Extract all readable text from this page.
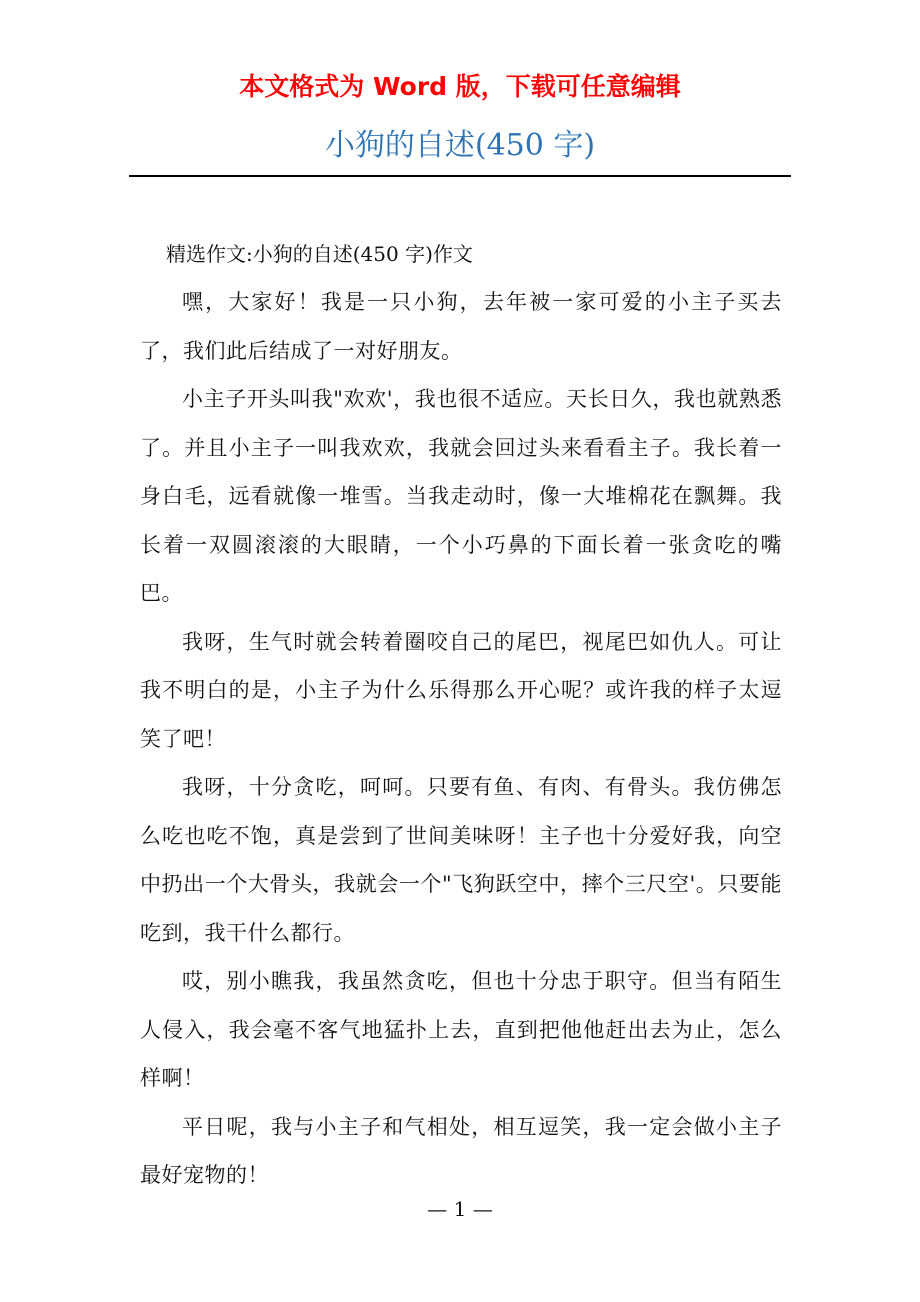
本文格式为 Word 版，下载可任意编辑
小狗的自述(450 字)

精选作文:小狗的自述(450 字)作文

嘿，大家好！我是一只小狗，去年被一家可爱的小主子买去了，我们此后结成了一对好朋友。

小主子开头叫我"欢欢'，我也很不适应。天长日久，我也就熟悉了。并且小主子一叫我欢欢，我就会回过头来看看主子。我长着一身白毛，远看就像一堆雪。当我走动时，像一大堆棉花在飘舞。我长着一双圆滚滚的大眼睛，一个小巧鼻的下面长着一张贪吃的嘴巴。

我呀，生气时就会转着圈咬自己的尾巴，视尾巴如仇人。可让我不明白的是，小主子为什么乐得那么开心呢？或许我的样子太逗笑了吧！

我呀，十分贪吃，呵呵。只要有鱼、有肉、有骨头。我仿佛怎么吃也吃不饱，真是尝到了世间美味呀！主子也十分爱好我，向空中扔出一个大骨头，我就会一个"飞狗跃空中，摔个三尺空'。只要能吃到，我干什么都行。

哎，别小瞧我，我虽然贪吃，但也十分忠于职守。但当有陌生人侵入，我会毫不客气地猛扑上去，直到把他他赶出去为止，怎么样啊！

平日呢，我与小主子和气相处，相互逗笑，我一定会做小主子最好宠物的！

— 1 —
